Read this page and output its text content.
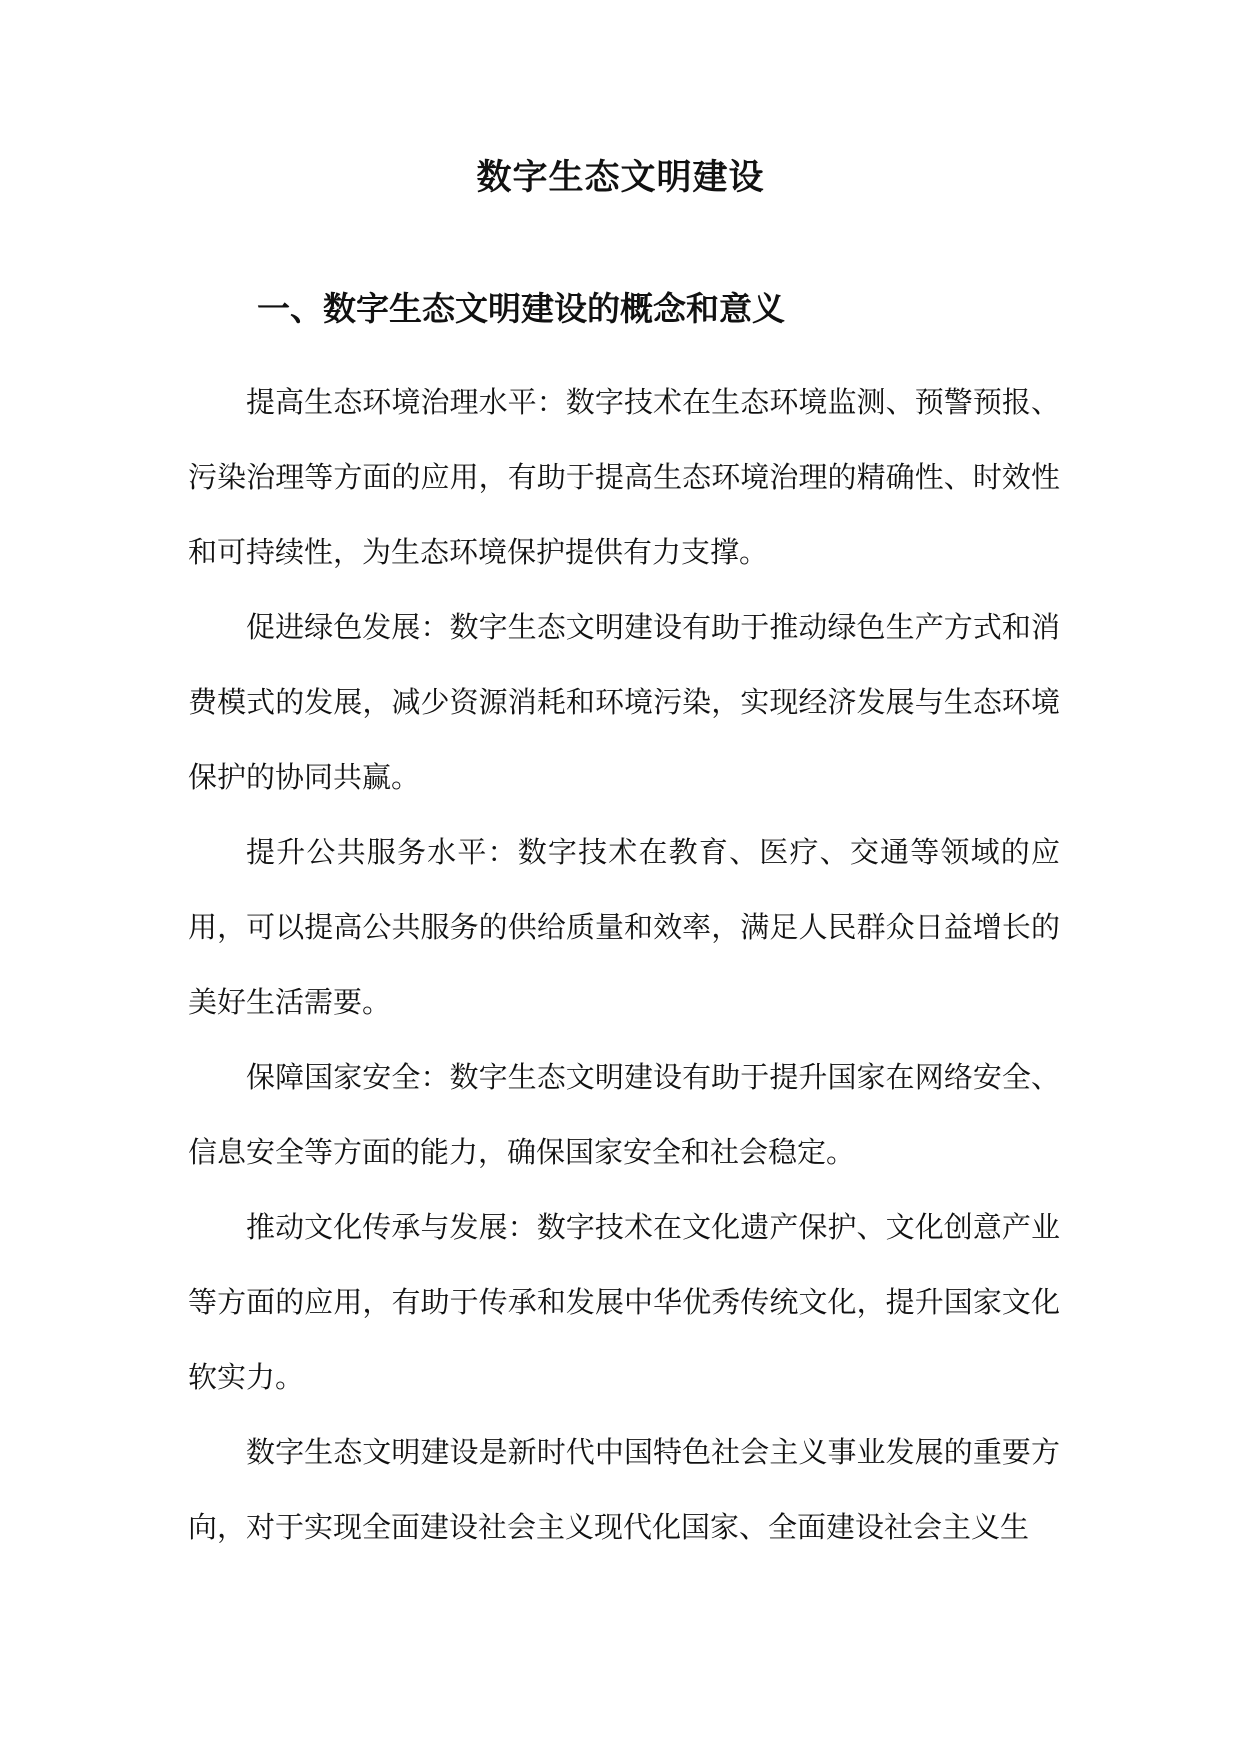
数字生态文明建设
一、数字生态文明建设的概念和意义

提高生态环境治理水平：数字技术在生态环境监测、预警预报、污染治理等方面的应用，有助于提高生态环境治理的精确性、时效性和可持续性，为生态环境保护提供有力支撑。

促进绿色发展：数字生态文明建设有助于推动绿色生产方式和消费模式的发展，减少资源消耗和环境污染，实现经济发展与生态环境保护的协同共赢。

提升公共服务水平：数字技术在教育、医疗、交通等领域的应用，可以提高公共服务的供给质量和效率，满足人民群众日益增长的美好生活需要。

保障国家安全：数字生态文明建设有助于提升国家在网络安全、信息安全等方面的能力，确保国家安全和社会稳定。

推动文化传承与发展：数字技术在文化遗产保护、文化创意产业等方面的应用，有助于传承和发展中华优秀传统文化，提升国家文化软实力。

数字生态文明建设是新时代中国特色社会主义事业发展的重要方向，对于实现全面建设社会主义现代化国家、全面建设社会主义生
